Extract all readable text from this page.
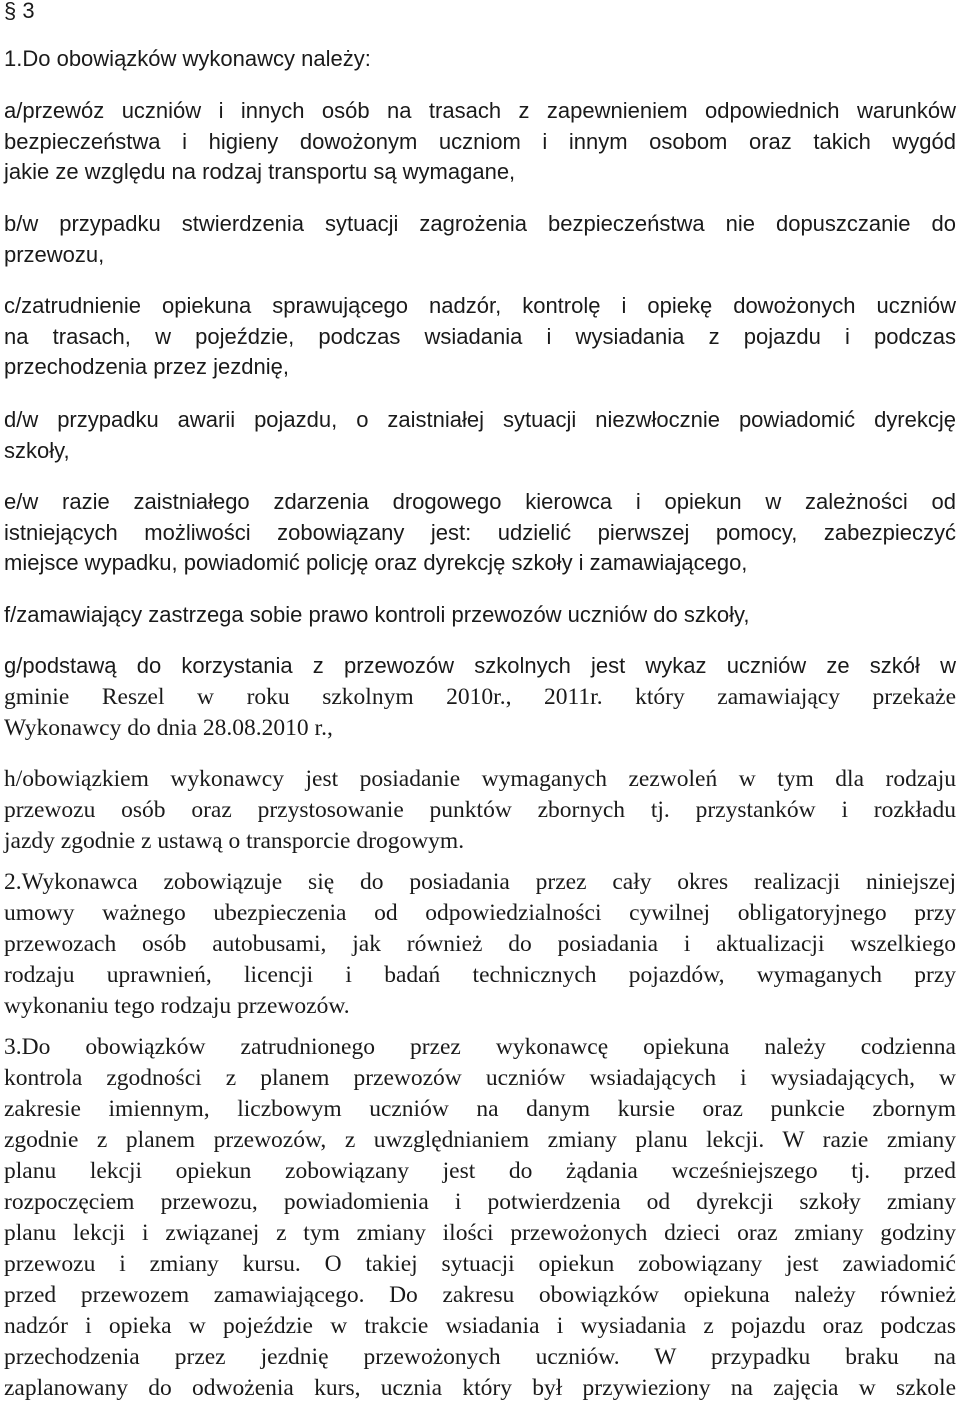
§ 3
1.Do obowiązków wykonawcy należy:
a/przewóz uczniów i innych osób na trasach z zapewnieniem odpowiednich warunków
bezpieczeństwa i higieny dowożonym uczniom i innym osobom oraz takich wygód
jakie ze względu na rodzaj transportu są wymagane,
b/w przypadku stwierdzenia sytuacji zagrożenia bezpieczeństwa nie dopuszczanie do
przewozu,
c/zatrudnienie opiekuna sprawującego nadzór, kontrolę i opiekę dowożonych uczniów
na trasach, w pojeździe, podczas wsiadania i wysiadania z pojazdu i podczas
przechodzenia przez jezdnię,
d/w przypadku awarii pojazdu, o zaistniałej sytuacji niezwłocznie powiadomić dyrekcję
szkoły,
e/w razie zaistniałego zdarzenia drogowego kierowca i opiekun w zależności od
istniejących możliwości zobowiązany jest: udzielić pierwszej pomocy, zabezpieczyć
miejsce wypadku, powiadomić policję oraz dyrekcję szkoły i zamawiającego,
f/zamawiający zastrzega sobie prawo kontroli przewozów uczniów do szkoły,
g/podstawą do korzystania z przewozów szkolnych jest wykaz uczniów ze szkół w
gminie Reszel w roku szkolnym 2010r., 2011r. który zamawiający przekaże
Wykonawcy do dnia 28.08.2010 r.,
h/obowiązkiem wykonawcy jest posiadanie wymaganych zezwoleń w tym dla rodzaju
przewozu osób oraz przystosowanie punktów zbornych tj. przystanków i rozkładu
jazdy zgodnie z ustawą o transporcie drogowym.
2.Wykonawca zobowiązuje się do posiadania przez cały okres realizacji niniejszej
umowy ważnego ubezpieczenia od odpowiedzialności cywilnej obligatoryjnego przy
przewozach osób autobusami, jak również do posiadania i aktualizacji wszelkiego
rodzaju uprawnień, licencji i badań technicznych pojazdów, wymaganych przy
wykonaniu tego rodzaju przewozów.
3.Do obowiązków zatrudnionego przez wykonawcę opiekuna należy codzienna
kontrola zgodności z planem przewozów uczniów wsiadających i wysiadających, w
zakresie imiennym, liczbowym uczniów na danym kursie oraz punkcie zbornym
zgodnie z planem przewozów, z uwzględnianiem zmiany planu lekcji. W razie zmiany
planu lekcji opiekun zobowiązany jest do żądania wcześniejszego tj. przed
rozpoczęciem przewozu, powiadomienia i potwierdzenia od dyrekcji szkoły zmiany
planu lekcji i związanej z tym zmiany ilości przewożonych dzieci oraz zmiany godziny
przewozu i zmiany kursu. O takiej sytuacji opiekun zobowiązany jest zawiadomić
przed przewozem zamawiającego. Do zakresu obowiązków opiekuna należy również
nadzór i opieka w pojeździe w trakcie wsiadania i wysiadania z pojazdu oraz podczas
przechodzenia przez jezdnię przewożonych uczniów. W przypadku braku na
zaplanowany do odwożenia kurs, ucznia który był przywieziony na zajęcia w szkole
